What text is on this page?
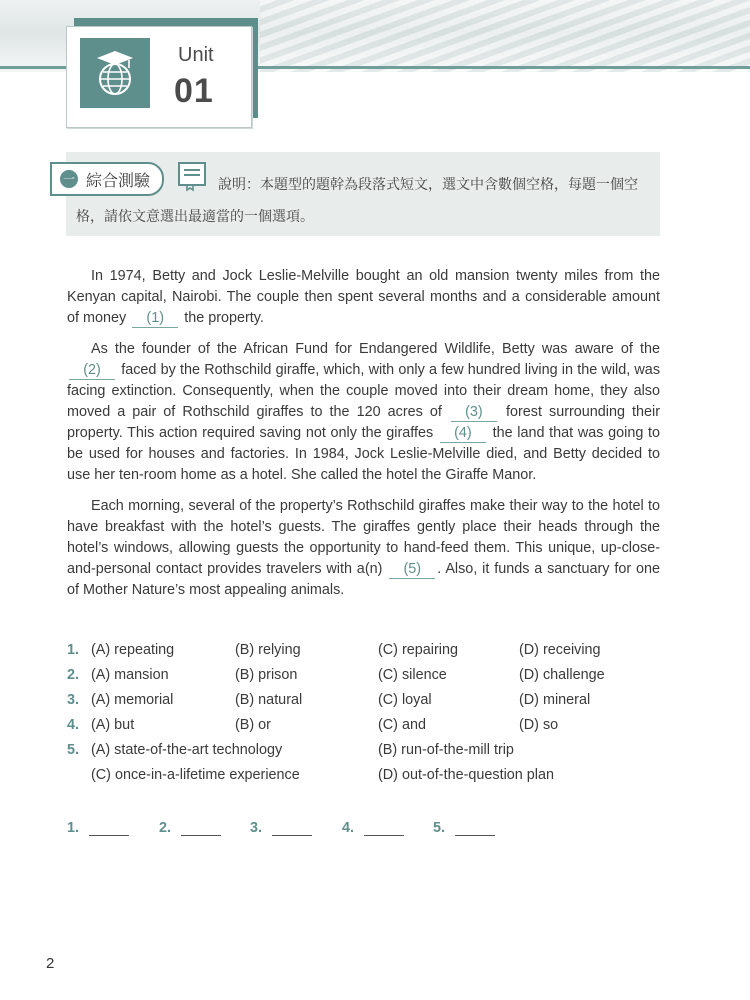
Unit
01
一 綜合測驗	說明：本題型的題幹為段落式短文，選文中含數個空格，每題一個空格，請依文意選出最適當的一個選項。

In 1974, Betty and Jock Leslie-Melville bought an old mansion twenty miles from the Kenyan capital, Nairobi. The couple then spent several months and a considerable amount of money (1) the property.

As the founder of the African Fund for Endangered Wildlife, Betty was aware of the (2) faced by the Rothschild giraffe, which, with only a few hundred living in the wild, was facing extinction. Consequently, when the couple moved into their dream home, they also moved a pair of Rothschild giraffes to the 120 acres of (3) forest surrounding their property. This action required saving not only the giraffes (4) the land that was going to be used for houses and factories. In 1984, Jock Leslie-Melville died, and Betty decided to use her ten-room home as a hotel. She called the hotel the Giraffe Manor.

Each morning, several of the property’s Rothschild giraffes make their way to the hotel to have breakfast with the hotel’s guests. The giraffes gently place their heads through the hotel’s windows, allowing guests the opportunity to hand-feed them. This unique, up-close-and-personal contact provides travelers with a(n) (5) . Also, it funds a sanctuary for one of Mother Nature’s most appealing animals.

1. (A) repeating	(B) relying	(C) repairing	(D) receiving
2. (A) mansion	(B) prison	(C) silence	(D) challenge
3. (A) memorial	(B) natural	(C) loyal	(D) mineral
4. (A) but	(B) or	(C) and	(D) so
5. (A) state-of-the-art technology	(B) run-of-the-mill trip
(C) once-in-a-lifetime experience	(D) out-of-the-question plan
1.	2.	3.	4.	5.
2
